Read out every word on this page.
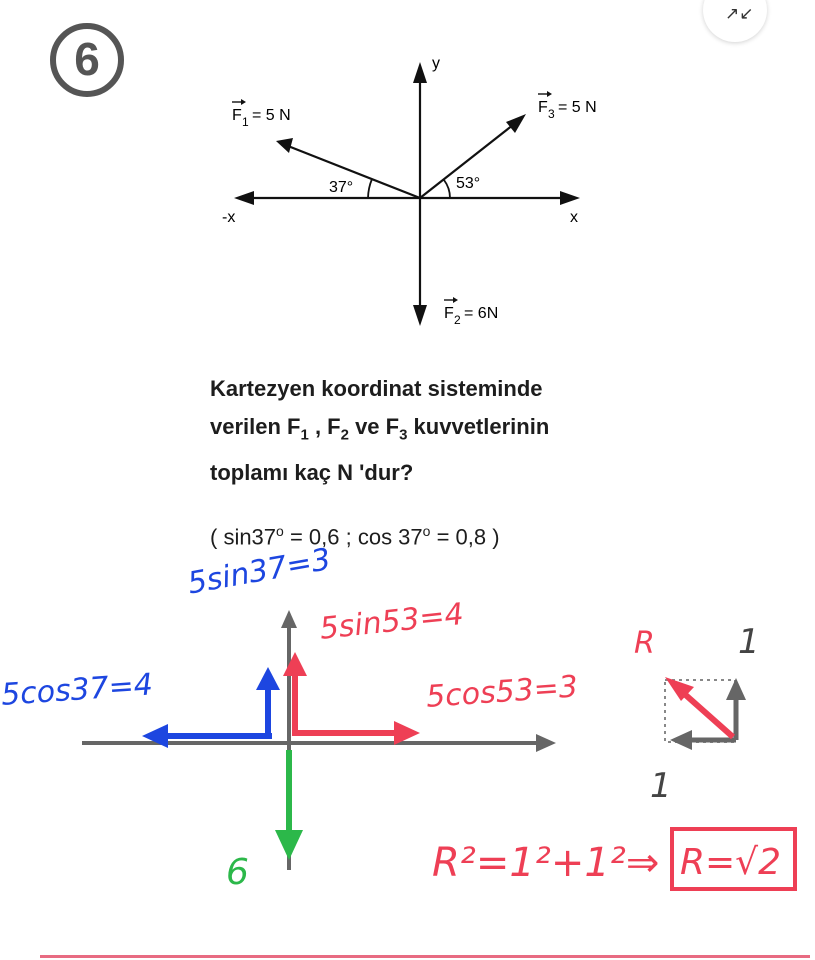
6
↗↙
y
x
-x
37°	53°
F 1 = 5 N	F 3 = 5 N
F 2 = 6N
Kartezyen koordinat sisteminde
verilen $F_1$ , $F_2$ ve $F_3$ kuvvetlerinin
toplamı kaç N 'dur?
( $\sin 37^o = 0,6$ ; $\cos 37^o = 0,8$ )
5sin37=3
5cos37=4
5sin53=4
5cos53=3
6
R 1
1
R²=1²+1²⇒ R=√2
